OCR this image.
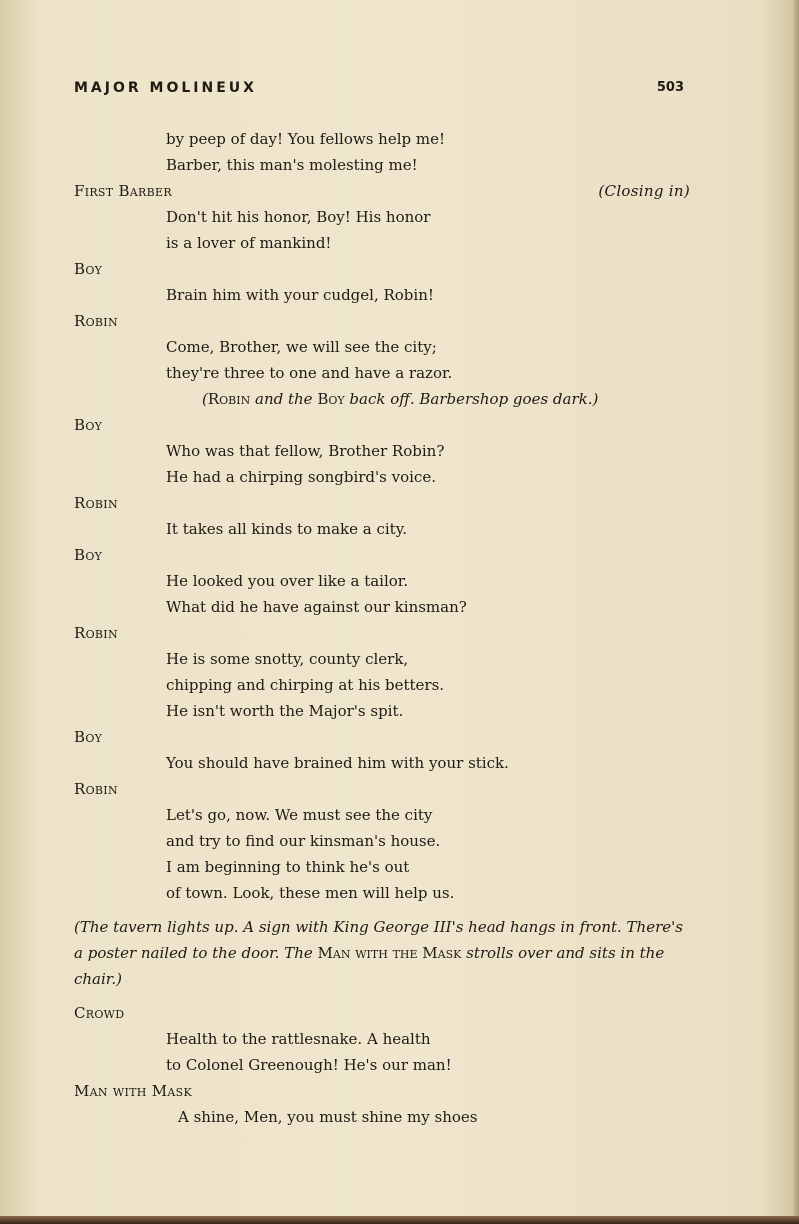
MAJOR MOLINEUX	503
by peep of day! You fellows help me!
Barber, this man's molesting me!
First Barber	(Closing in)
Don't hit his honor, Boy! His honor
is a lover of mankind!
Boy
Brain him with your cudgel, Robin!
Robin
Come, Brother, we will see the city;
they're three to one and have a razor.
(Robin and the Boy back off. Barbershop goes dark.)
Boy
Who was that fellow, Brother Robin?
He had a chirping songbird's voice.
Robin
It takes all kinds to make a city.
Boy
He looked you over like a tailor.
What did he have against our kinsman?
Robin
He is some snotty, county clerk,
chipping and chirping at his betters.
He isn't worth the Major's spit.
Boy
You should have brained him with your stick.
Robin
Let's go, now. We must see the city
and try to find our kinsman's house.
I am beginning to think he's out
of town. Look, these men will help us.
(The tavern lights up. A sign with King George III's head hangs in front. There's a poster nailed to the door. The Man with the Mask strolls over and sits in the chair.)
Crowd
Health to the rattlesnake. A health
to Colonel Greenough! He's our man!
Man with Mask
A shine, Men, you must shine my shoes
